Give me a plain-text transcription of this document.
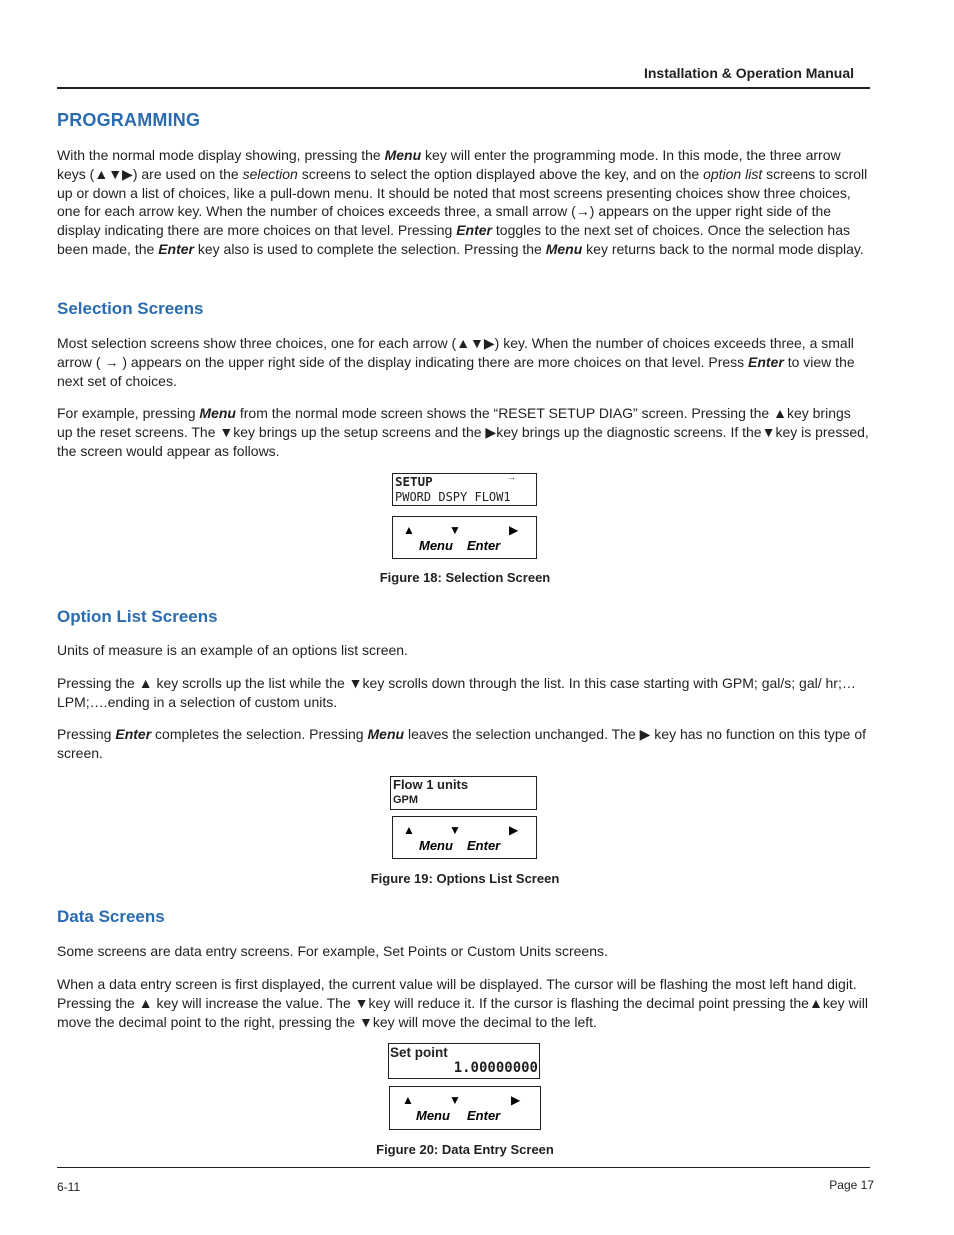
Installation & Operation Manual
PROGRAMMING

With the normal mode display showing, pressing the Menu key will enter the programming mode. In this mode, the three arrow keys (▲▼▶) are used on the selection screens to select the option displayed above the key, and on the option list screens to scroll up or down a list of choices, like a pull-down menu. It should be noted that most screens presenting choices show three choices, one for each arrow key. When the number of choices exceeds three, a small arrow (→) appears on the upper right side of the display indicating there are more choices on that level. Pressing Enter toggles to the next set of choices. Once the selection has been made, the Enter key also is used to complete the selection. Pressing the Menu key returns back to the normal mode display.

Selection Screens

Most selection screens show three choices, one for each arrow (▲▼▶) key. When the number of choices exceeds three, a small arrow ( → ) appears on the upper right side of the display indicating there are more choices on that level. Press Enter to view the next set of choices.

For example, pressing Menu from the normal mode screen shows the “RESET SETUP DIAG” screen. Pressing the ▲key brings up the reset screens. The ▼key brings up the setup screens and the ▶key brings up the diagnostic screens. If the▼key is pressed, the screen would appear as follows.

SETUP	→
PWORD DSPY FLOW1
▲	▼	▶
Menu Enter
Figure 18: Selection Screen
Option List Screens

Units of measure is an example of an options list screen.

Pressing the ▲ key scrolls up the list while the ▼key scrolls down through the list. In this case starting with GPM; gal/s; gal/ hr;…LPM;….ending in a selection of custom units.

Pressing Enter completes the selection. Pressing Menu leaves the selection unchanged. The ▶ key has no function on this type of screen.

Flow 1 units
GPM
▲	▼	▶
Menu Enter
Figure 19: Options List Screen
Data Screens

Some screens are data entry screens. For example, Set Points or Custom Units screens.

When a data entry screen is first displayed, the current value will be displayed. The cursor will be flashing the most left hand digit. Pressing the ▲ key will increase the value. The ▼key will reduce it. If the cursor is flashing the decimal point pressing the▲key will move the decimal point to the right, pressing the ▼key will move the decimal to the left.

Set point
1.00000000
▲	▼	▶
Menu Enter
Figure 20: Data Entry Screen
6-11	Page 17
